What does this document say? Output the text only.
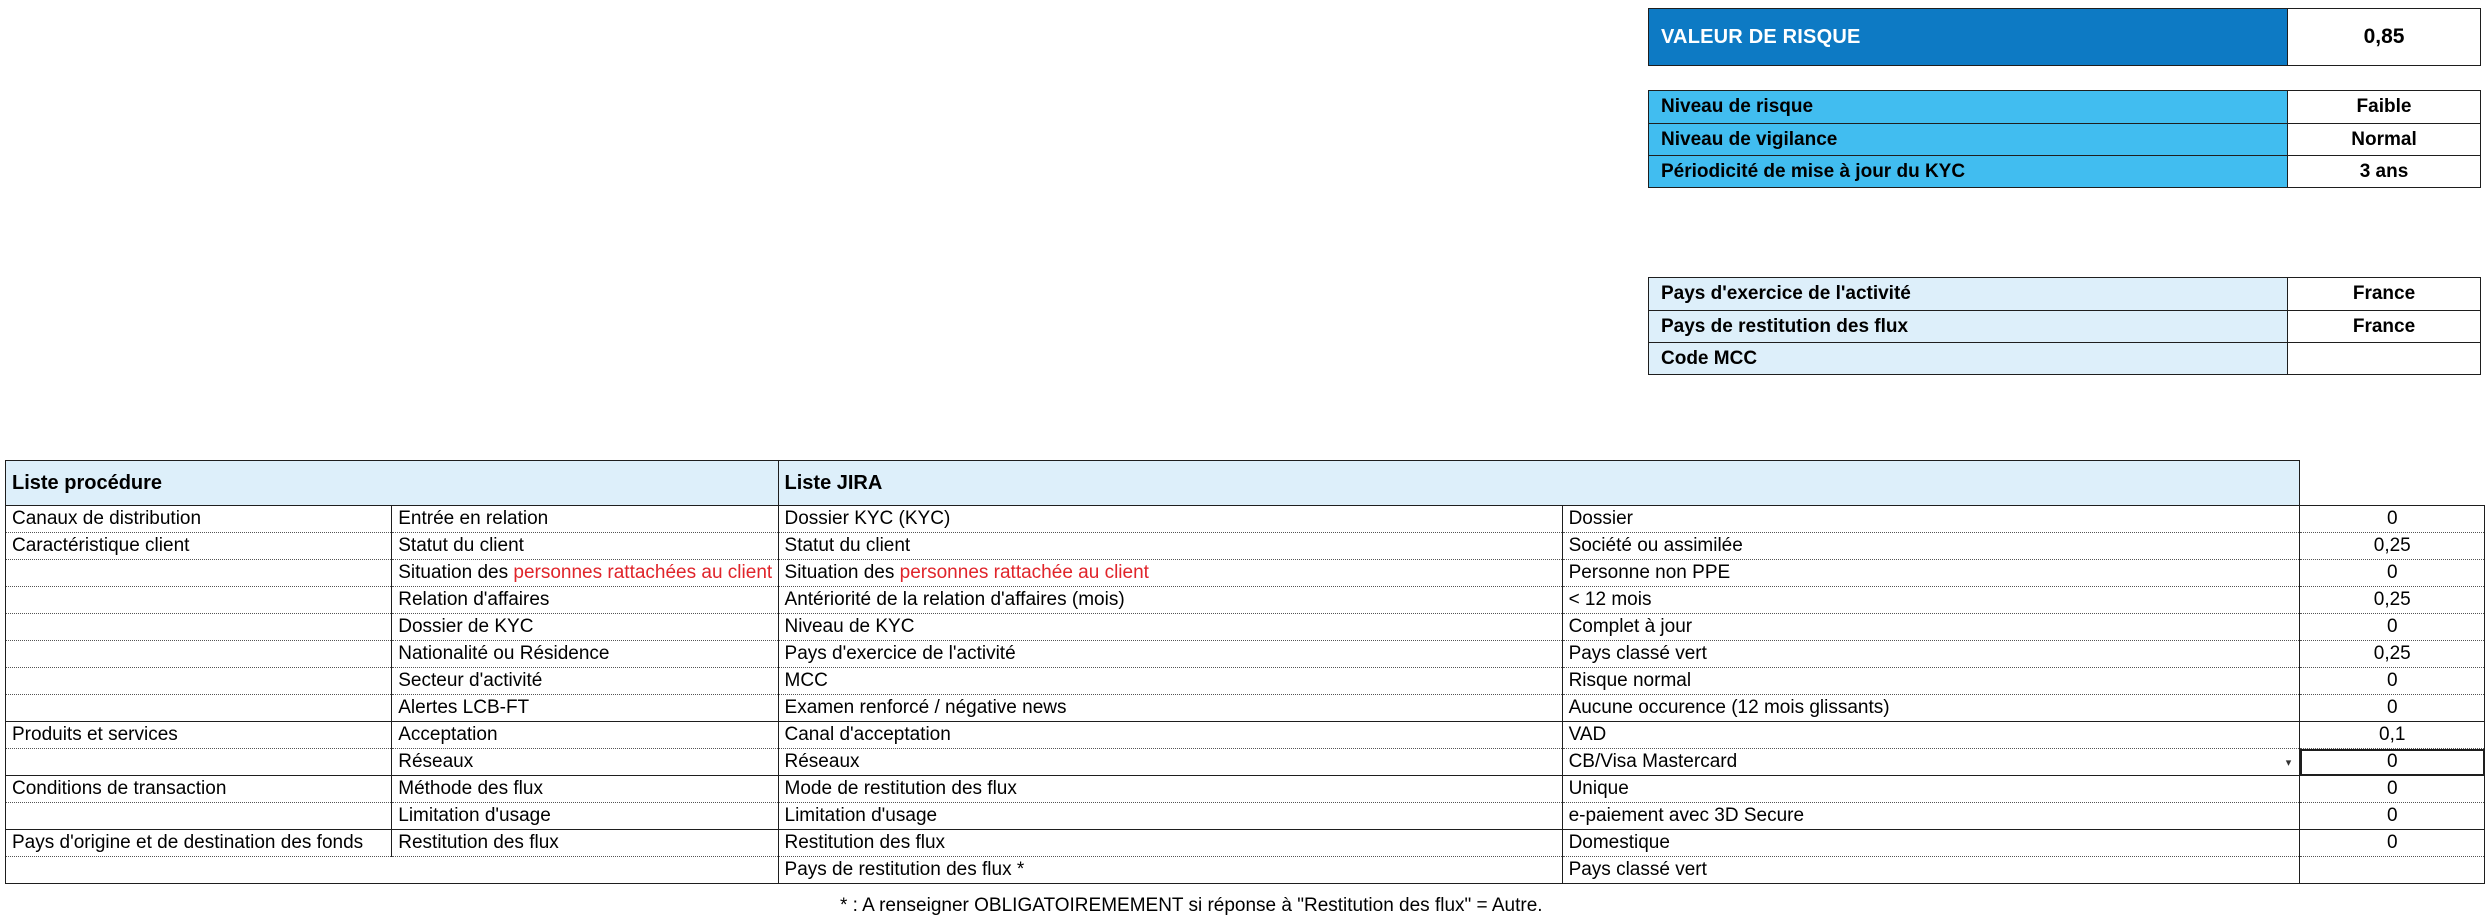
VALEUR DE RISQUE	0,85
Niveau de risque	Faible
Niveau de vigilance	Normal
Périodicité de mise à jour du KYC	3 ans
Pays d'exercice de l'activité	France
Pays de restitution des flux	France
Code MCC
Liste procédure		Liste JIRA		
Canaux de distribution	Entrée en relation	Dossier KYC (KYC)	Dossier	0
Caractéristique client	Statut du client	Statut du client	Société ou assimilée	0,25
	Situation des personnes rattachées au client	Situation des personnes rattachée au client	Personne non PPE	0
	Relation d'affaires	Antériorité de la relation d'affaires (mois)	< 12 mois	0,25
	Dossier de KYC	Niveau de KYC	Complet à jour	0
	Nationalité ou Résidence	Pays d'exercice de l'activité	Pays classé vert	0,25
	Secteur d'activité	MCC	Risque normal	0
	Alertes LCB-FT	Examen renforcé / négative news	Aucune occurence (12 mois glissants)	0
Produits et services	Acceptation	Canal d'acceptation	VAD	0,1
	Réseaux	Réseaux	CB/Visa Mastercard	▾ 0
Conditions de transaction	Méthode des flux	Mode de restitution des flux	Unique	0
	Limitation d'usage	Limitation d'usage	e-paiement avec 3D Secure	0
Pays d'origine et de destination des fonds	Restitution des flux	Restitution des flux	Domestique	0
		Pays de restitution des flux *	Pays classé vert	
* : A renseigner OBLIGATOIREMEMENT si réponse à "Restitution des flux" = Autre.
